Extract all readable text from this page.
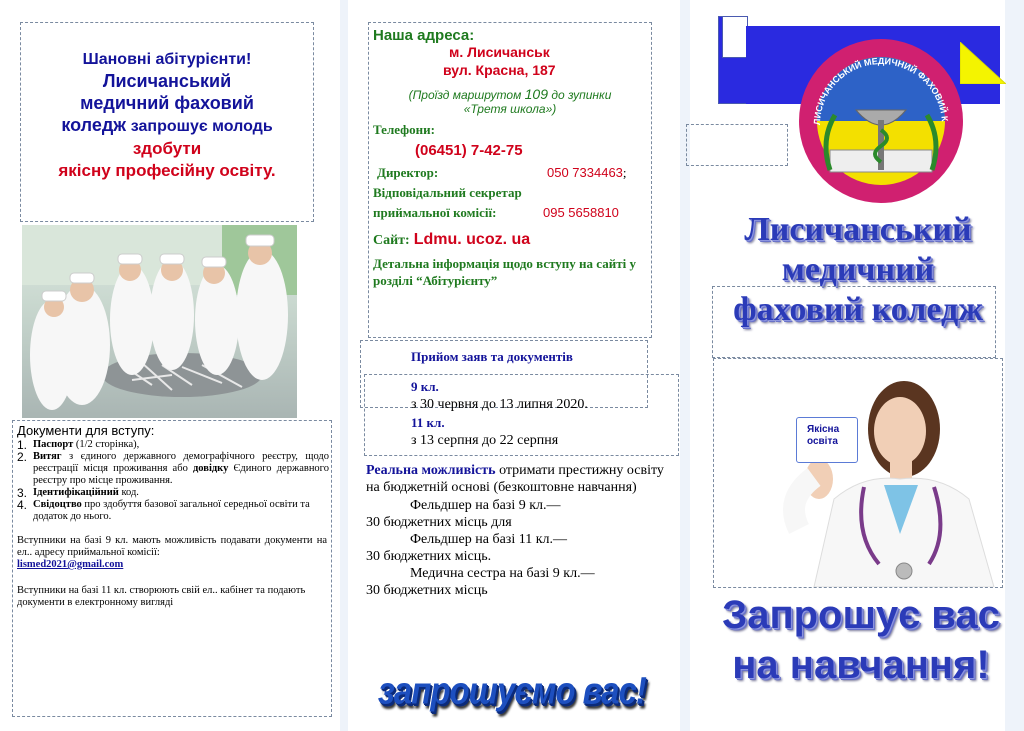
Шановні абітурієнти!
Лисичанський
медичний фаховий
коледж запрошує молодь
здобути
якісну професійну освіту.
Документи для вступу:
1. Паспорт (1/2 сторінка),
2. Витяг з єдиного державного демографічного реєстру, щодо реєстрації місця проживання або довідку Єдиного державного реєстру про місце проживання.
3. Ідентифікаційний код.
4. Свідоцтво про здобуття базової загальної середньої освіти та додаток до нього.
Вступники на базі 9 кл. мають можливість подавати документи на ел.. адресу приймальної комісії:
lismed2021@gmail.com
Вступники на базі 11 кл. створюють свій ел.. кабінет та подають документи в електронному вигляді
Наша адреса:
м. Лисичанськ
вул. Красна, 187
(Проїзд маршрутом 109 до зупинки
«Третя школа»)
Телефони:
(06451) 7-42-75
Директор:	050 7334463 ;
Відповідальний секретар
приймальної комісії:	095 5658810
Сайт: Ldmu. ucoz. ua
Детальна інформація щодо вступу на сайті у розділі “Абітурієнту”
Прийом заяв та документів
9 кл.
з 30 червня до 13 липня 2020.
11 кл.
з 13 серпня до 22 серпня
Реальна можливість отримати престижну освіту на бюджетній основі (безкоштовне навчання)
Фельдшер на базі 9 кл.—
30 бюджетних місць для
Фельдшер на базі 11 кл.—
30 бюджетних місць.
Медична сестра на базі 9 кл.—
30 бюджетних місць
запрошуємо вас!
ЛИСИЧАНСЬКИЙ МЕДИЧНИЙ ФАХОВИЙ К
Лисичанський
медичний
фаховий коледж
Якісна
освіта
Запрошує вас
на навчання!
